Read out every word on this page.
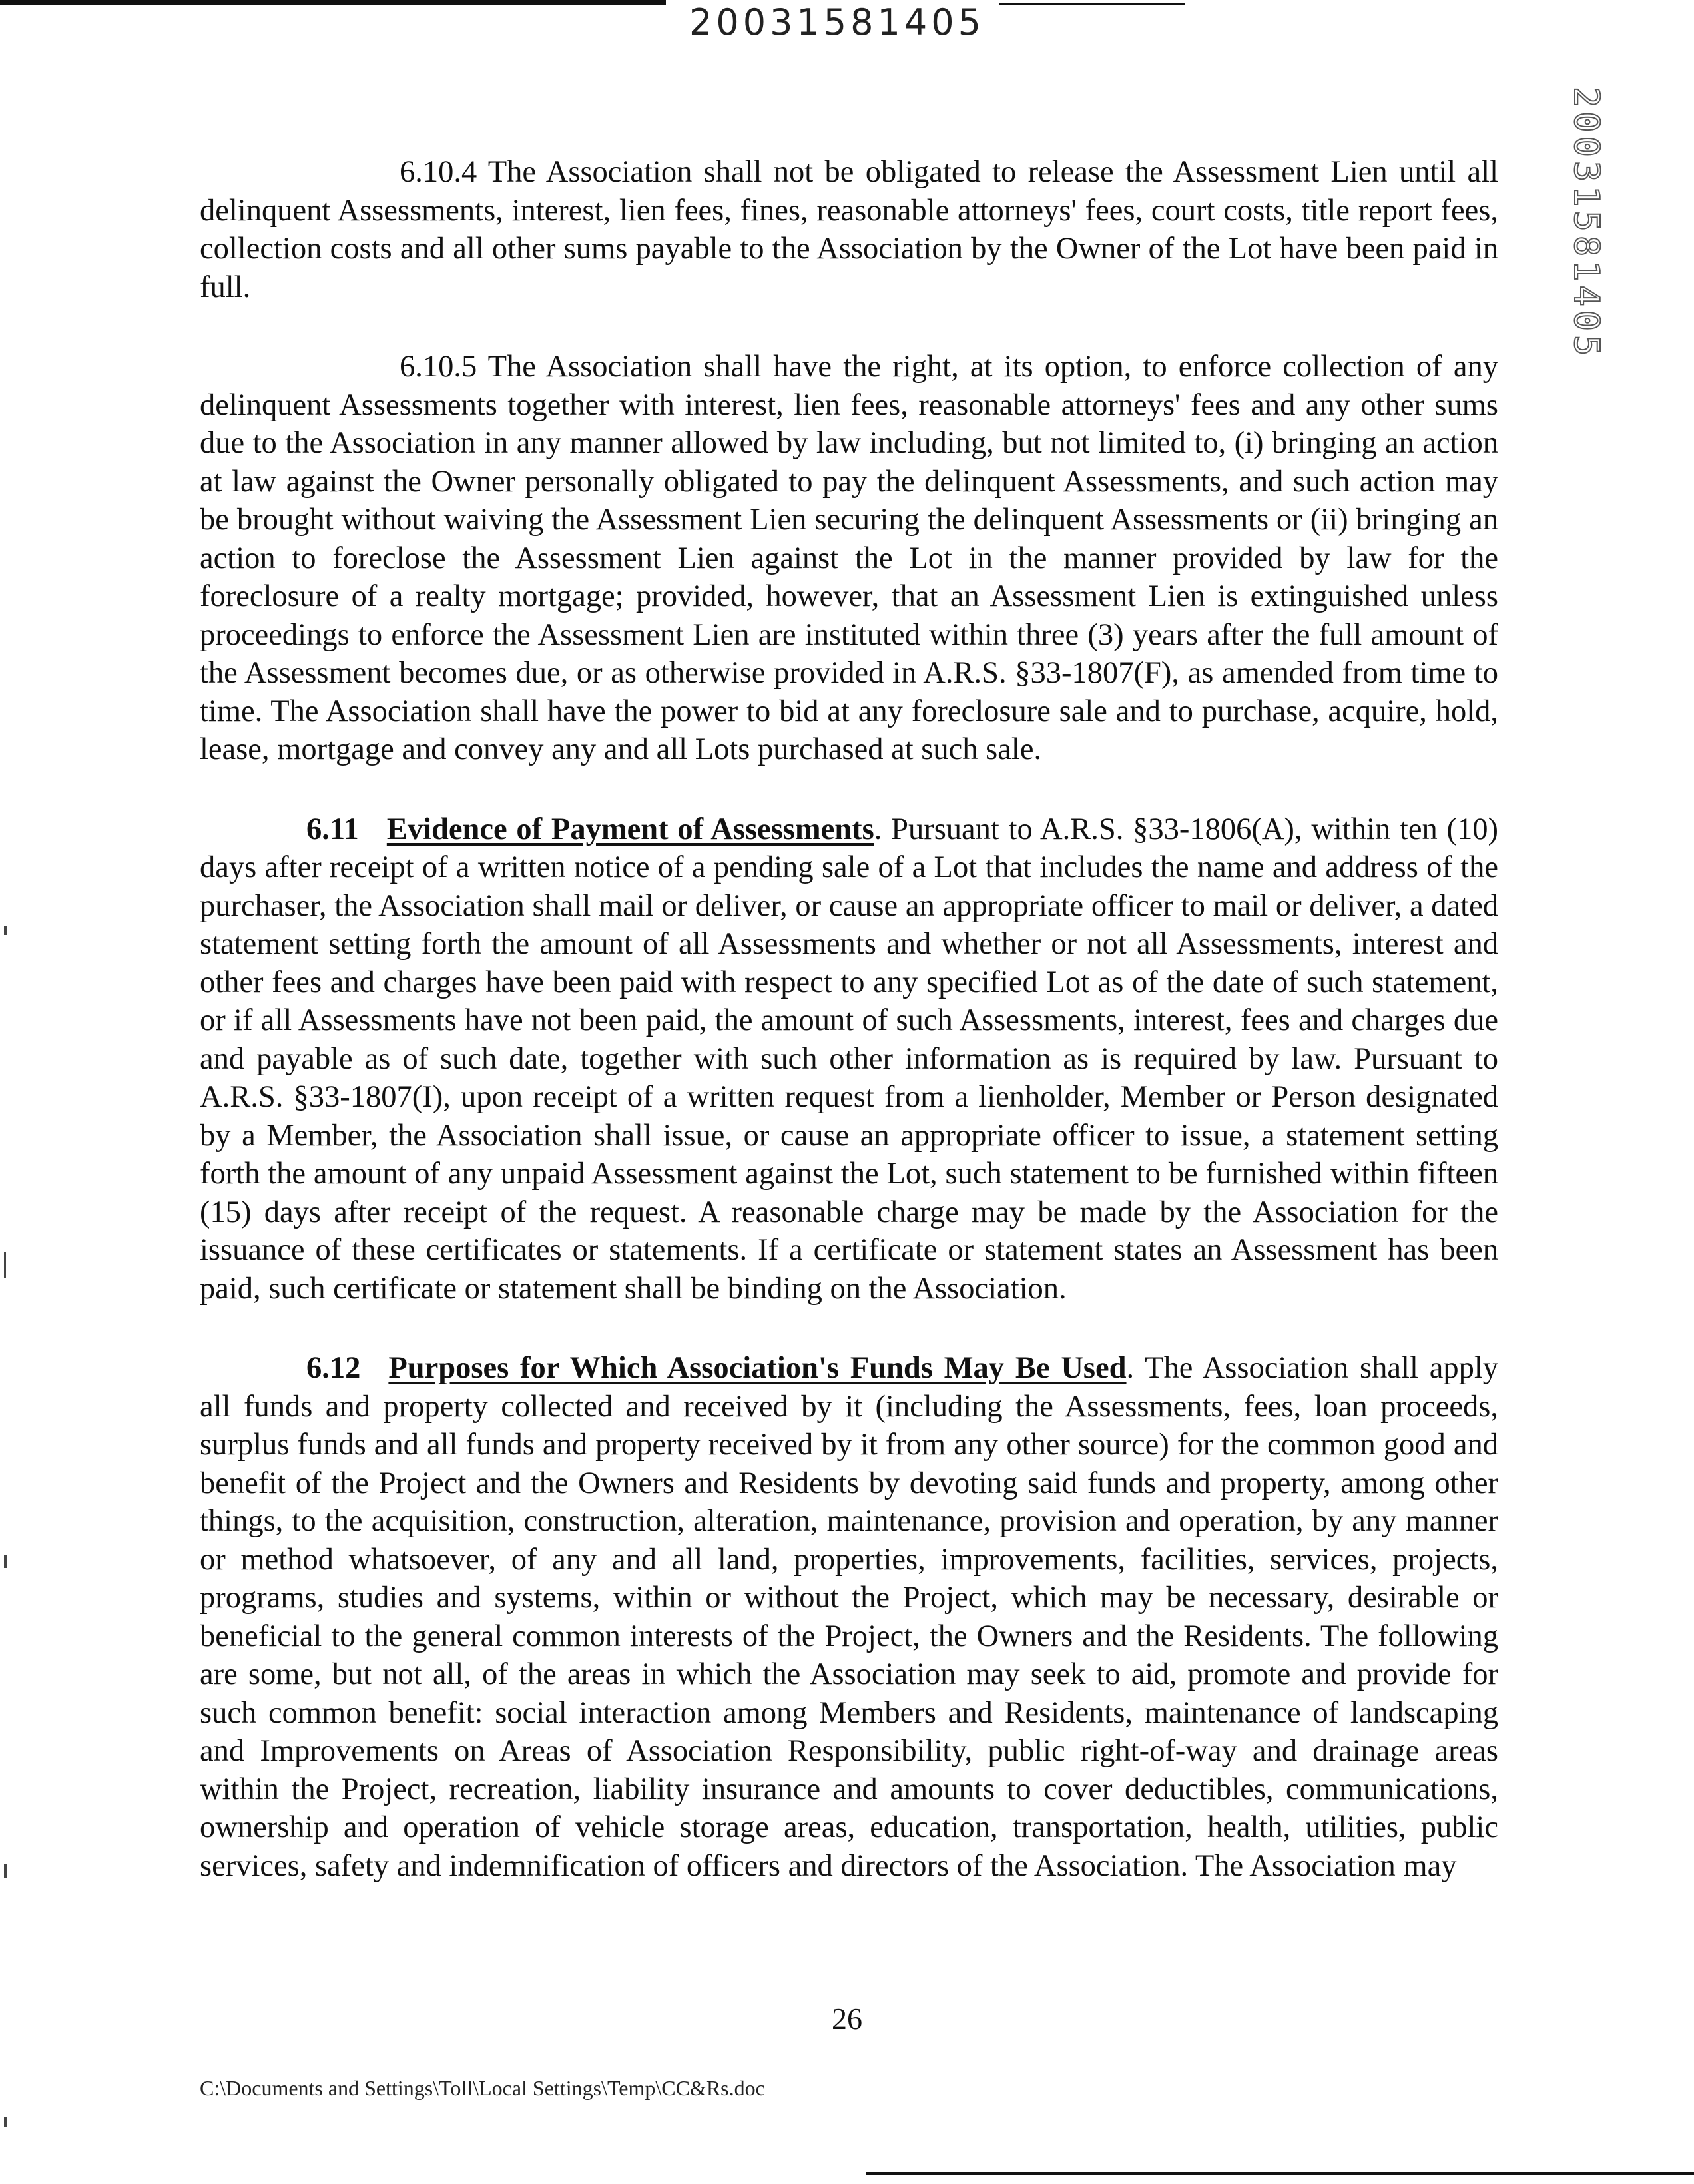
20031581405
20031581405

6.10.4 The Association shall not be obligated to release the Assessment Lien until all delinquent Assessments, interest, lien fees, fines, reasonable attorneys' fees, court costs, title report fees, collection costs and all other sums payable to the Association by the Owner of the Lot have been paid in full.

6.10.5 The Association shall have the right, at its option, to enforce collection of any delinquent Assessments together with interest, lien fees, reasonable attorneys' fees and any other sums due to the Association in any manner allowed by law including, but not limited to, (i) bringing an action at law against the Owner personally obligated to pay the delinquent Assessments, and such action may be brought without waiving the Assessment Lien securing the delinquent Assessments or (ii) bringing an action to foreclose the Assessment Lien against the Lot in the manner provided by law for the foreclosure of a realty mortgage; provided, however, that an Assessment Lien is extinguished unless proceedings to enforce the Assessment Lien are instituted within three (3) years after the full amount of the Assessment becomes due, or as otherwise provided in A.R.S. §33-1807(F), as amended from time to time. The Association shall have the power to bid at any foreclosure sale and to purchase, acquire, hold, lease, mortgage and convey any and all Lots purchased at such sale.

6.11 Evidence of Payment of Assessments. Pursuant to A.R.S. §33-1806(A), within ten (10) days after receipt of a written notice of a pending sale of a Lot that includes the name and address of the purchaser, the Association shall mail or deliver, or cause an appropriate officer to mail or deliver, a dated statement setting forth the amount of all Assessments and whether or not all Assessments, interest and other fees and charges have been paid with respect to any specified Lot as of the date of such statement, or if all Assessments have not been paid, the amount of such Assessments, interest, fees and charges due and payable as of such date, together with such other information as is required by law. Pursuant to A.R.S. §33-1807(I), upon receipt of a written request from a lienholder, Member or Person designated by a Member, the Association shall issue, or cause an appropriate officer to issue, a statement setting forth the amount of any unpaid Assessment against the Lot, such statement to be furnished within fifteen (15) days after receipt of the request. A reasonable charge may be made by the Association for the issuance of these certificates or statements. If a certificate or statement states an Assessment has been paid, such certificate or statement shall be binding on the Association.

6.12 Purposes for Which Association's Funds May Be Used. The Association shall apply all funds and property collected and received by it (including the Assessments, fees, loan proceeds, surplus funds and all funds and property received by it from any other source) for the common good and benefit of the Project and the Owners and Residents by devoting said funds and property, among other things, to the acquisition, construction, alteration, maintenance, provision and operation, by any manner or method whatsoever, of any and all land, properties, improvements, facilities, services, projects, programs, studies and systems, within or without the Project, which may be necessary, desirable or beneficial to the general common interests of the Project, the Owners and the Residents. The following are some, but not all, of the areas in which the Association may seek to aid, promote and provide for such common benefit: social interaction among Members and Residents, maintenance of landscaping and Improvements on Areas of Association Responsibility, public right-of-way and drainage areas within the Project, recreation, liability insurance and amounts to cover deductibles, communications, ownership and operation of vehicle storage areas, education, transportation, health, utilities, public services, safety and indemnification of officers and directors of the Association. The Association may

26
C:\Documents and Settings\Toll\Local Settings\Temp\CC&Rs.doc
